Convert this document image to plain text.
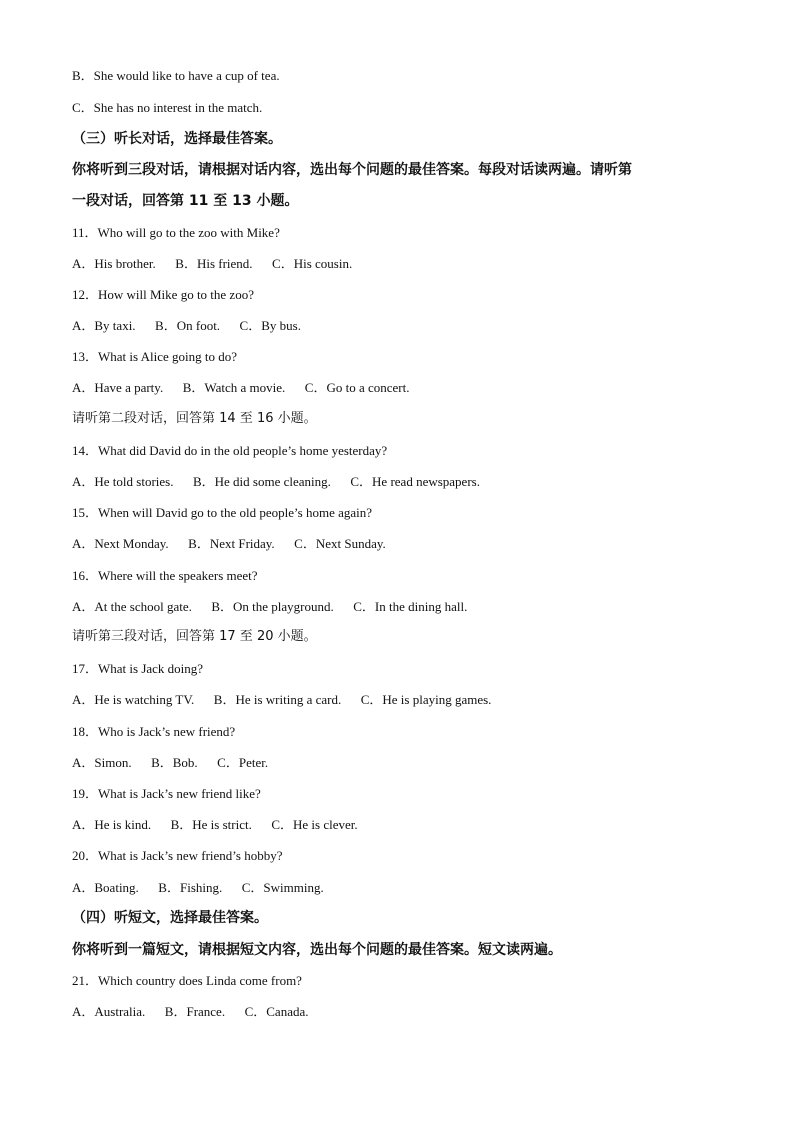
B．She would like to have a cup of tea.
C．She has no interest in the match.
（三）听长对话，选择最佳答案。
你将听到三段对话，请根据对话内容，选出每个问题的最佳答案。每段对话读两遍。请听第
一段对话，回答第 11 至 13 小题。
11．Who will go to the zoo with Mike?
A．His brother.      B．His friend.      C．His cousin.
12．How will Mike go to the zoo?
A．By taxi.      B．On foot.      C．By bus.
13．What is Alice going to do?
A．Have a party.      B．Watch a movie.      C．Go to a concert.
请听第二段对话，回答第 14 至 16 小题。
14．What did David do in the old people’s home yesterday?
A．He told stories.      B．He did some cleaning.      C．He read newspapers.
15．When will David go to the old people’s home again?
A．Next Monday.      B．Next Friday.      C．Next Sunday.
16．Where will the speakers meet?
A．At the school gate.      B．On the playground.      C．In the dining hall.
请听第三段对话，回答第 17 至 20 小题。
17．What is Jack doing?
A．He is watching TV.      B．He is writing a card.      C．He is playing games.
18．Who is Jack’s new friend?
A．Simon.      B．Bob.      C．Peter.
19．What is Jack’s new friend like?
A．He is kind.      B．He is strict.      C．He is clever.
20．What is Jack’s new friend’s hobby?
A．Boating.      B．Fishing.      C．Swimming.
（四）听短文，选择最佳答案。
你将听到一篇短文，请根据短文内容，选出每个问题的最佳答案。短文读两遍。
21．Which country does Linda come from?
A．Australia.      B．France.      C．Canada.
